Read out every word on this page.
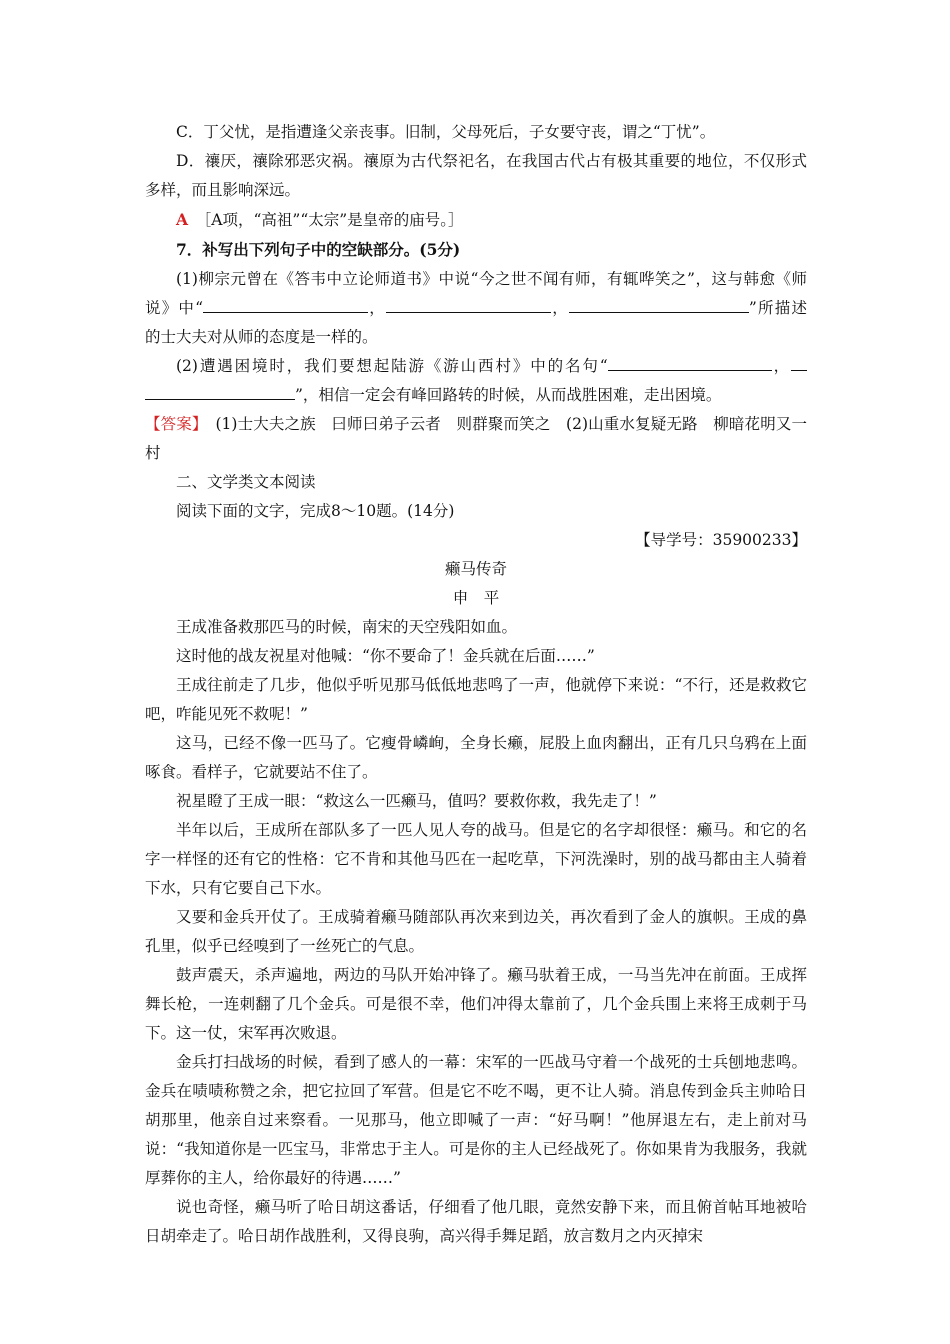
C．丁父忧，是指遭逢父亲丧事。旧制，父母死后，子女要守丧，谓之“丁忧”。

D．禳厌，禳除邪恶灾祸。禳原为古代祭祀名，在我国古代占有极其重要的地位，不仅形式多样，而且影响深远。

A　 ［A项，“高祖”“太宗”是皇帝的庙号。］

7．补写出下列句子中的空缺部分。(5分)

(1)柳宗元曾在《答韦中立论师道书》中说“今之世不闻有师，有辄哗笑之”，这与韩愈《师说》中“	，	，	”所描述的士大夫对从师的态度是一样的。

(2)遭遇困境时，我们要想起陆游《游山西村》中的名句“	，”，相信一定会有峰回路转的时候，从而战胜困难，走出困境。

【答案】　(1)士大夫之族　曰师曰弟子云者　则群聚而笑之　(2)山重水复疑无路　柳暗花明又一村

二、文学类文本阅读

阅读下面的文字，完成8～10题。(14分)

【导学号：35900233】

癞马传奇

申　平

王成准备救那匹马的时候，南宋的天空残阳如血。

这时他的战友祝星对他喊：“你不要命了！金兵就在后面……”

王成往前走了几步，他似乎听见那马低低地悲鸣了一声，他就停下来说：“不行，还是救救它吧，咋能见死不救呢！”

这马，已经不像一匹马了。它瘦骨嶙峋，全身长癞，屁股上血肉翻出，正有几只乌鸦在上面啄食。看样子，它就要站不住了。

祝星瞪了王成一眼：“救这么一匹癞马，值吗？要救你救，我先走了！”

半年以后，王成所在部队多了一匹人见人夸的战马。但是它的名字却很怪：癞马。和它的名字一样怪的还有它的性格：它不肯和其他马匹在一起吃草，下河洗澡时，别的战马都由主人骑着下水，只有它要自己下水。

又要和金兵开仗了。王成骑着癞马随部队再次来到边关，再次看到了金人的旗帜。王成的鼻孔里，似乎已经嗅到了一丝死亡的气息。

鼓声震天，杀声遍地，两边的马队开始冲锋了。癞马驮着王成，一马当先冲在前面。王成挥舞长枪，一连刺翻了几个金兵。可是很不幸，他们冲得太靠前了，几个金兵围上来将王成刺于马下。这一仗，宋军再次败退。

金兵打扫战场的时候，看到了感人的一幕：宋军的一匹战马守着一个战死的士兵刨地悲鸣。金兵在啧啧称赞之余，把它拉回了军营。但是它不吃不喝，更不让人骑。消息传到金兵主帅哈日胡那里，他亲自过来察看。一见那马，他立即喊了一声：“好马啊！”他屏退左右，走上前对马说：“我知道你是一匹宝马，非常忠于主人。可是你的主人已经战死了。你如果肯为我服务，我就厚葬你的主人，给你最好的待遇……”

说也奇怪，癞马听了哈日胡这番话，仔细看了他几眼，竟然安静下来，而且俯首帖耳地被哈日胡牵走了。哈日胡作战胜利，又得良驹，高兴得手舞足蹈，放言数月之内灭掉宋
